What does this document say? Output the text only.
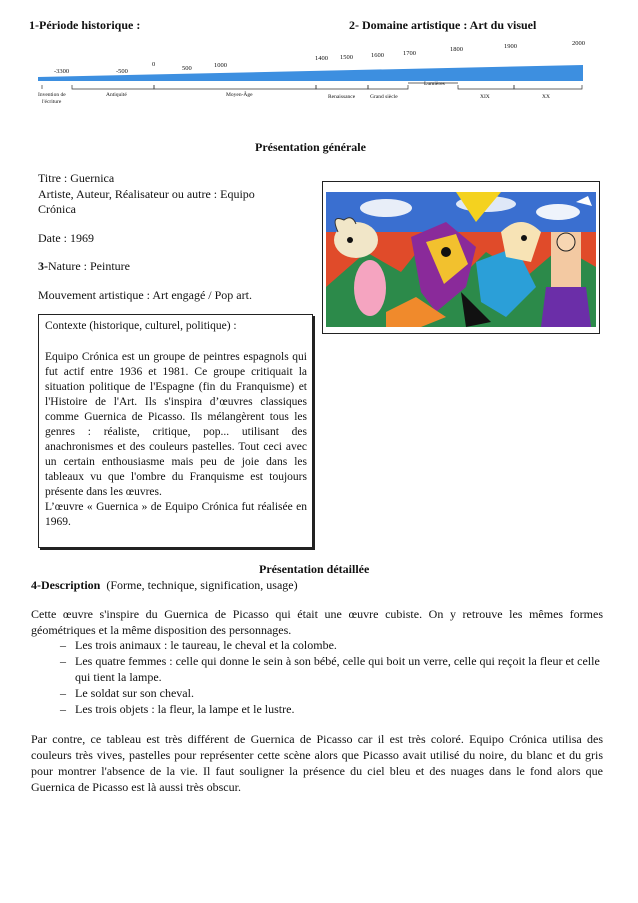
1-Période historique :	2- Domaine artistique : Art du visuel
-3300	-500
0
500	1000
1400 1500	1600	1700
1800	1900	2000
Invention de
l'écriture
Antiquité	Moyen-Âge	Renaissance	Grand siècle
Lumières
XIX	XX
Présentation générale
Titre : Guernica
Artiste, Auteur, Réalisateur ou autre : Equipo
Crónica
Date : 1969
3-Nature : Peinture
Mouvement artistique : Art engagé / Pop art.
Contexte (historique, culturel, politique) :
Equipo Crónica est un groupe de peintres espagnols qui fut actif entre 1936 et 1981. Ce groupe critiquait la situation politique de l'Espagne (fin du Franquisme) et l'Histoire de l'Art. Ils s'inspira d’œuvres classiques comme Guernica de Picasso. Ils mélangèrent tous les genres : réaliste, critique, pop... utilisant des anachronismes et des couleurs pastelles. Tout ceci avec un certain enthousiasme mais peu de joie dans les tableaux vu que l'ombre du Franquisme est toujours présente dans les œuvres.
L’œuvre « Guernica » de Equipo Crónica fut réalisée en 1969.
Présentation détaillée
4-Description (Forme, technique, signification, usage)
Cette œuvre s'inspire du Guernica de Picasso qui était une œuvre cubiste. On y retrouve les mêmes formes géométriques et la même disposition des personnages.
– Les trois animaux : le taureau, le cheval et la colombe.
– Les quatre femmes : celle qui donne le sein à son bébé, celle qui boit un verre, celle qui reçoit la fleur et celle qui tient la lampe.
– Le soldat sur son cheval.
– Les trois objets : la fleur, la lampe et le lustre.
Par contre, ce tableau est très différent de Guernica de Picasso car il est très coloré. Equipo Crónica utilisa des couleurs très vives, pastelles pour représenter cette scène alors que Picasso avait utilisé du noire, du blanc et du gris pour montrer l'absence de la vie. Il faut souligner la présence du ciel bleu et des nuages dans le fond alors que Guernica de Picasso est là aussi très obscur.
